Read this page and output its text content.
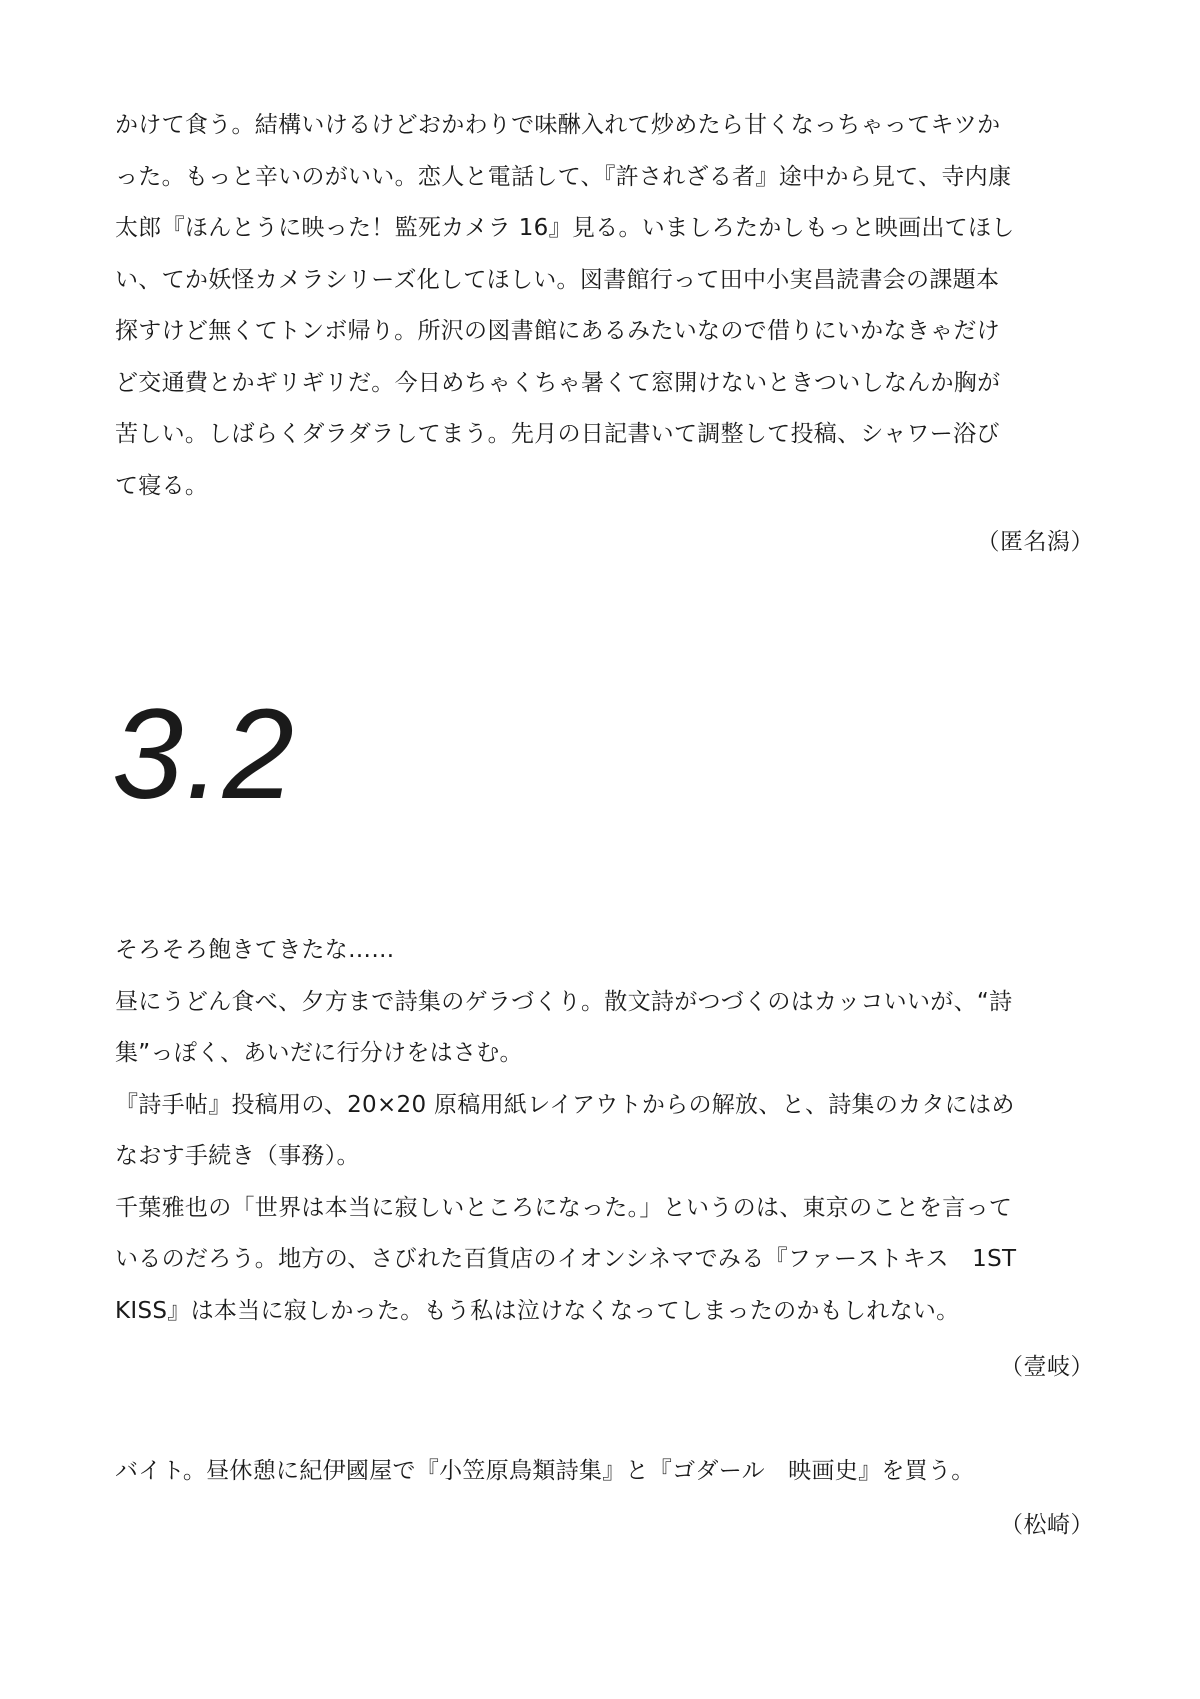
かけて食う。結構いけるけどおかわりで味醂入れて炒めたら甘くなっちゃってキツか

った。もっと辛いのがいい。恋人と電話して、『許されざる者』途中から見て、寺内康

太郎『ほんとうに映った！監死カメラ 16』見る。いましろたかしもっと映画出てほし

い、てか妖怪カメラシリーズ化してほしい。図書館行って田中小実昌読書会の課題本

探すけど無くてトンボ帰り。所沢の図書館にあるみたいなので借りにいかなきゃだけ

ど交通費とかギリギリだ。今日めちゃくちゃ暑くて窓開けないときついしなんか胸が

苦しい。しばらくダラダラしてまう。先月の日記書いて調整して投稿、シャワー浴び

て寝る。

（匿名潟）
3.2

そろそろ飽きてきたな……

昼にうどん食べ、夕方まで詩集のゲラづくり。散文詩がつづくのはカッコいいが、“詩

集”っぽく、あいだに行分けをはさむ。

『詩手帖』投稿用の、20×20 原稿用紙レイアウトからの解放、と、詩集のカタにはめ

なおす手続き（事務）。

千葉雅也の「世界は本当に寂しいところになった。」というのは、東京のことを言って

いるのだろう。地方の、さびれた百貨店のイオンシネマでみる『ファーストキス　1ST

KISS』は本当に寂しかった。もう私は泣けなくなってしまったのかもしれない。

（壹岐）

バイト。昼休憩に紀伊國屋で『小笠原鳥類詩集』と『ゴダール　映画史』を買う。

（松崎）
